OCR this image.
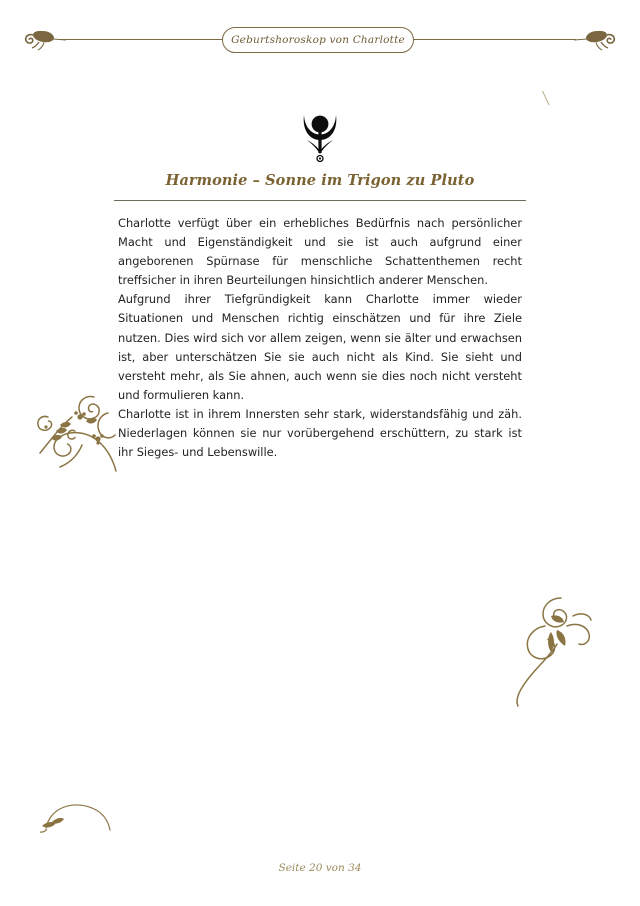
Geburtshoroskop von Charlotte
Harmonie – Sonne im Trigon zu Pluto

Charlotte verfügt über ein erhebliches Bedürfnis nach persönlicher Macht und Eigenständigkeit und sie ist auch aufgrund einer angeborenen Spürnase für menschliche Schattenthemen recht treffsicher in ihren Beurteilungen hinsichtlich anderer Menschen.

Aufgrund ihrer Tiefgründigkeit kann Charlotte immer wieder Situationen und Menschen richtig einschätzen und für ihre Ziele nutzen. Dies wird sich vor allem zeigen, wenn sie älter und erwachsen ist, aber unterschätzen Sie sie auch nicht als Kind. Sie sieht und versteht mehr, als Sie ahnen, auch wenn sie dies noch nicht versteht und formulieren kann.

Charlotte ist in ihrem Innersten sehr stark, widerstandsfähig und zäh. Niederlagen können sie nur vorübergehend erschüttern, zu stark ist ihr Sieges- und Lebenswille.

Seite 20 von 34
